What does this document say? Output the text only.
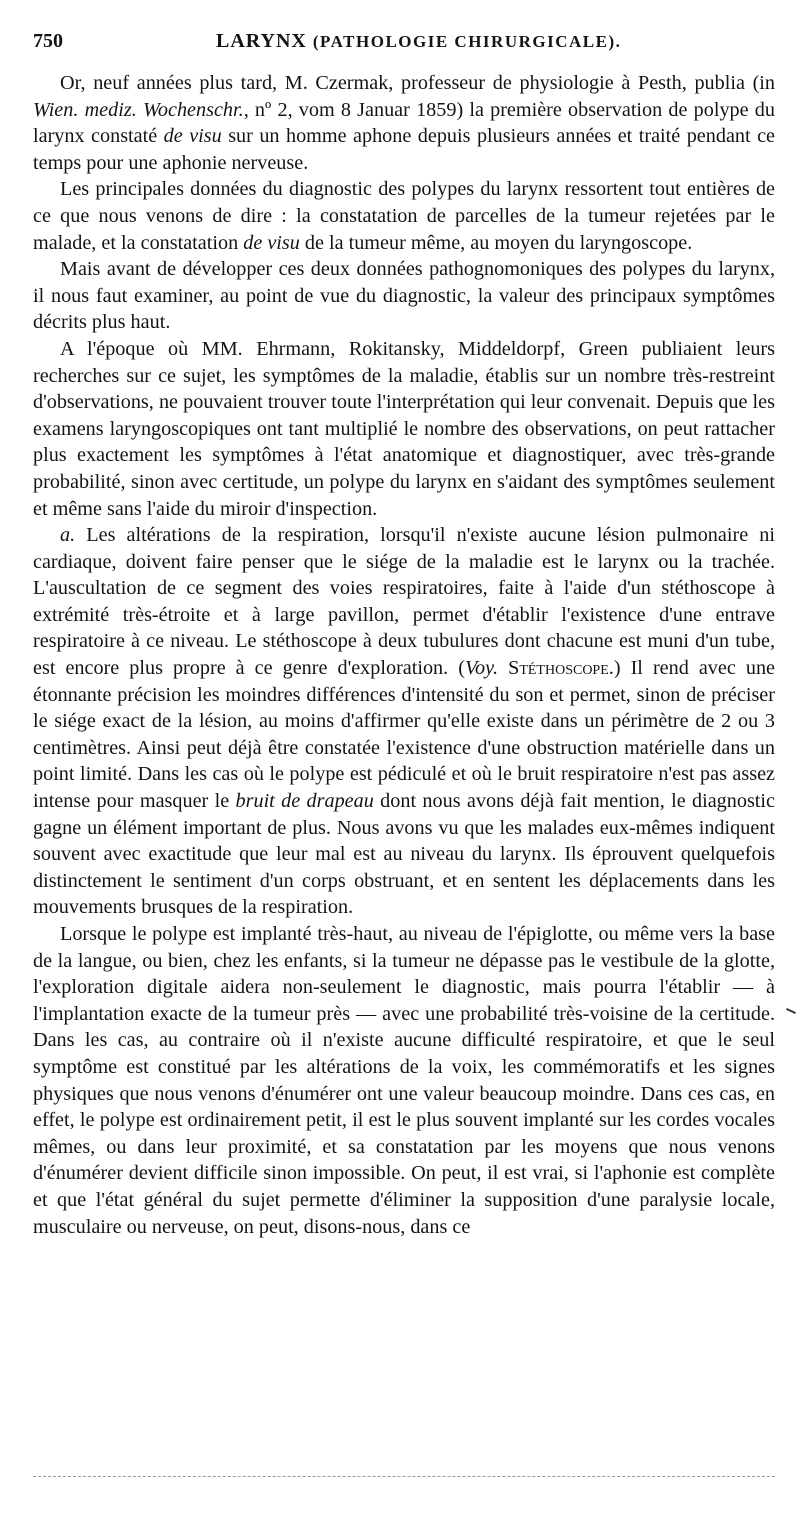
750	LARYNX (PATHOLOGIE CHIRURGICALE).

Or, neuf années plus tard, M. Czermak, professeur de physiologie à Pesth, publia (in Wien. mediz. Wochenschr., nº 2, vom 8 Januar 1859) la première observation de polype du larynx constaté de visu sur un homme aphone depuis plusieurs années et traité pendant ce temps pour une aphonie nerveuse.

Les principales données du diagnostic des polypes du larynx ressortent tout entières de ce que nous venons de dire : la constatation de parcelles de la tumeur rejetées par le malade, et la constatation de visu de la tumeur même, au moyen du laryngoscope.

Mais avant de développer ces deux données pathognomoniques des polypes du larynx, il nous faut examiner, au point de vue du diagnostic, la valeur des principaux symptômes décrits plus haut.

A l'époque où MM. Ehrmann, Rokitansky, Middeldorpf, Green publiaient leurs recherches sur ce sujet, les symptômes de la maladie, établis sur un nombre très-restreint d'observations, ne pouvaient trouver toute l'interprétation qui leur convenait. Depuis que les examens laryngoscopiques ont tant multiplié le nombre des observations, on peut rattacher plus exactement les symptômes à l'état anatomique et diagnostiquer, avec très-grande probabilité, sinon avec certitude, un polype du larynx en s'aidant des symptômes seulement et même sans l'aide du miroir d'inspection.

a. Les altérations de la respiration, lorsqu'il n'existe aucune lésion pulmonaire ni cardiaque, doivent faire penser que le siége de la maladie est le larynx ou la trachée. L'auscultation de ce segment des voies respiratoires, faite à l'aide d'un stéthoscope à extrémité très-étroite et à large pavillon, permet d'établir l'existence d'une entrave respiratoire à ce niveau. Le stéthoscope à deux tubulures dont chacune est muni d'un tube, est encore plus propre à ce genre d'exploration. (Voy. Stéthoscope.) Il rend avec une étonnante précision les moindres différences d'intensité du son et permet, sinon de préciser le siége exact de la lésion, au moins d'affirmer qu'elle existe dans un périmètre de 2 ou 3 centimètres. Ainsi peut déjà être constatée l'existence d'une obstruction matérielle dans un point limité. Dans les cas où le polype est pédiculé et où le bruit respiratoire n'est pas assez intense pour masquer le bruit de drapeau dont nous avons déjà fait mention, le diagnostic gagne un élément important de plus. Nous avons vu que les malades eux-mêmes indiquent souvent avec exactitude que leur mal est au niveau du larynx. Ils éprouvent quelquefois distinctement le sentiment d'un corps obstruant, et en sentent les déplacements dans les mouvements brusques de la respiration.

Lorsque le polype est implanté très-haut, au niveau de l'épiglotte, ou même vers la base de la langue, ou bien, chez les enfants, si la tumeur ne dépasse pas le vestibule de la glotte, l'exploration digitale aidera non-seulement le diagnostic, mais pourra l'établir — à l'implantation exacte de la tumeur près — avec une probabilité très-voisine de la certitude. Dans les cas, au contraire où il n'existe aucune difficulté respiratoire, et que le seul symptôme est constitué par les altérations de la voix, les commémoratifs et les signes physiques que nous venons d'énumérer ont une valeur beaucoup moindre. Dans ces cas, en effet, le polype est ordinairement petit, il est le plus souvent implanté sur les cordes vocales mêmes, ou dans leur proximité, et sa constatation par les moyens que nous venons d'énumérer devient difficile sinon impossible. On peut, il est vrai, si l'aphonie est complète et que l'état général du sujet permette d'éliminer la supposition d'une paralysie locale, musculaire ou nerveuse, on peut, disons-nous, dans ce
